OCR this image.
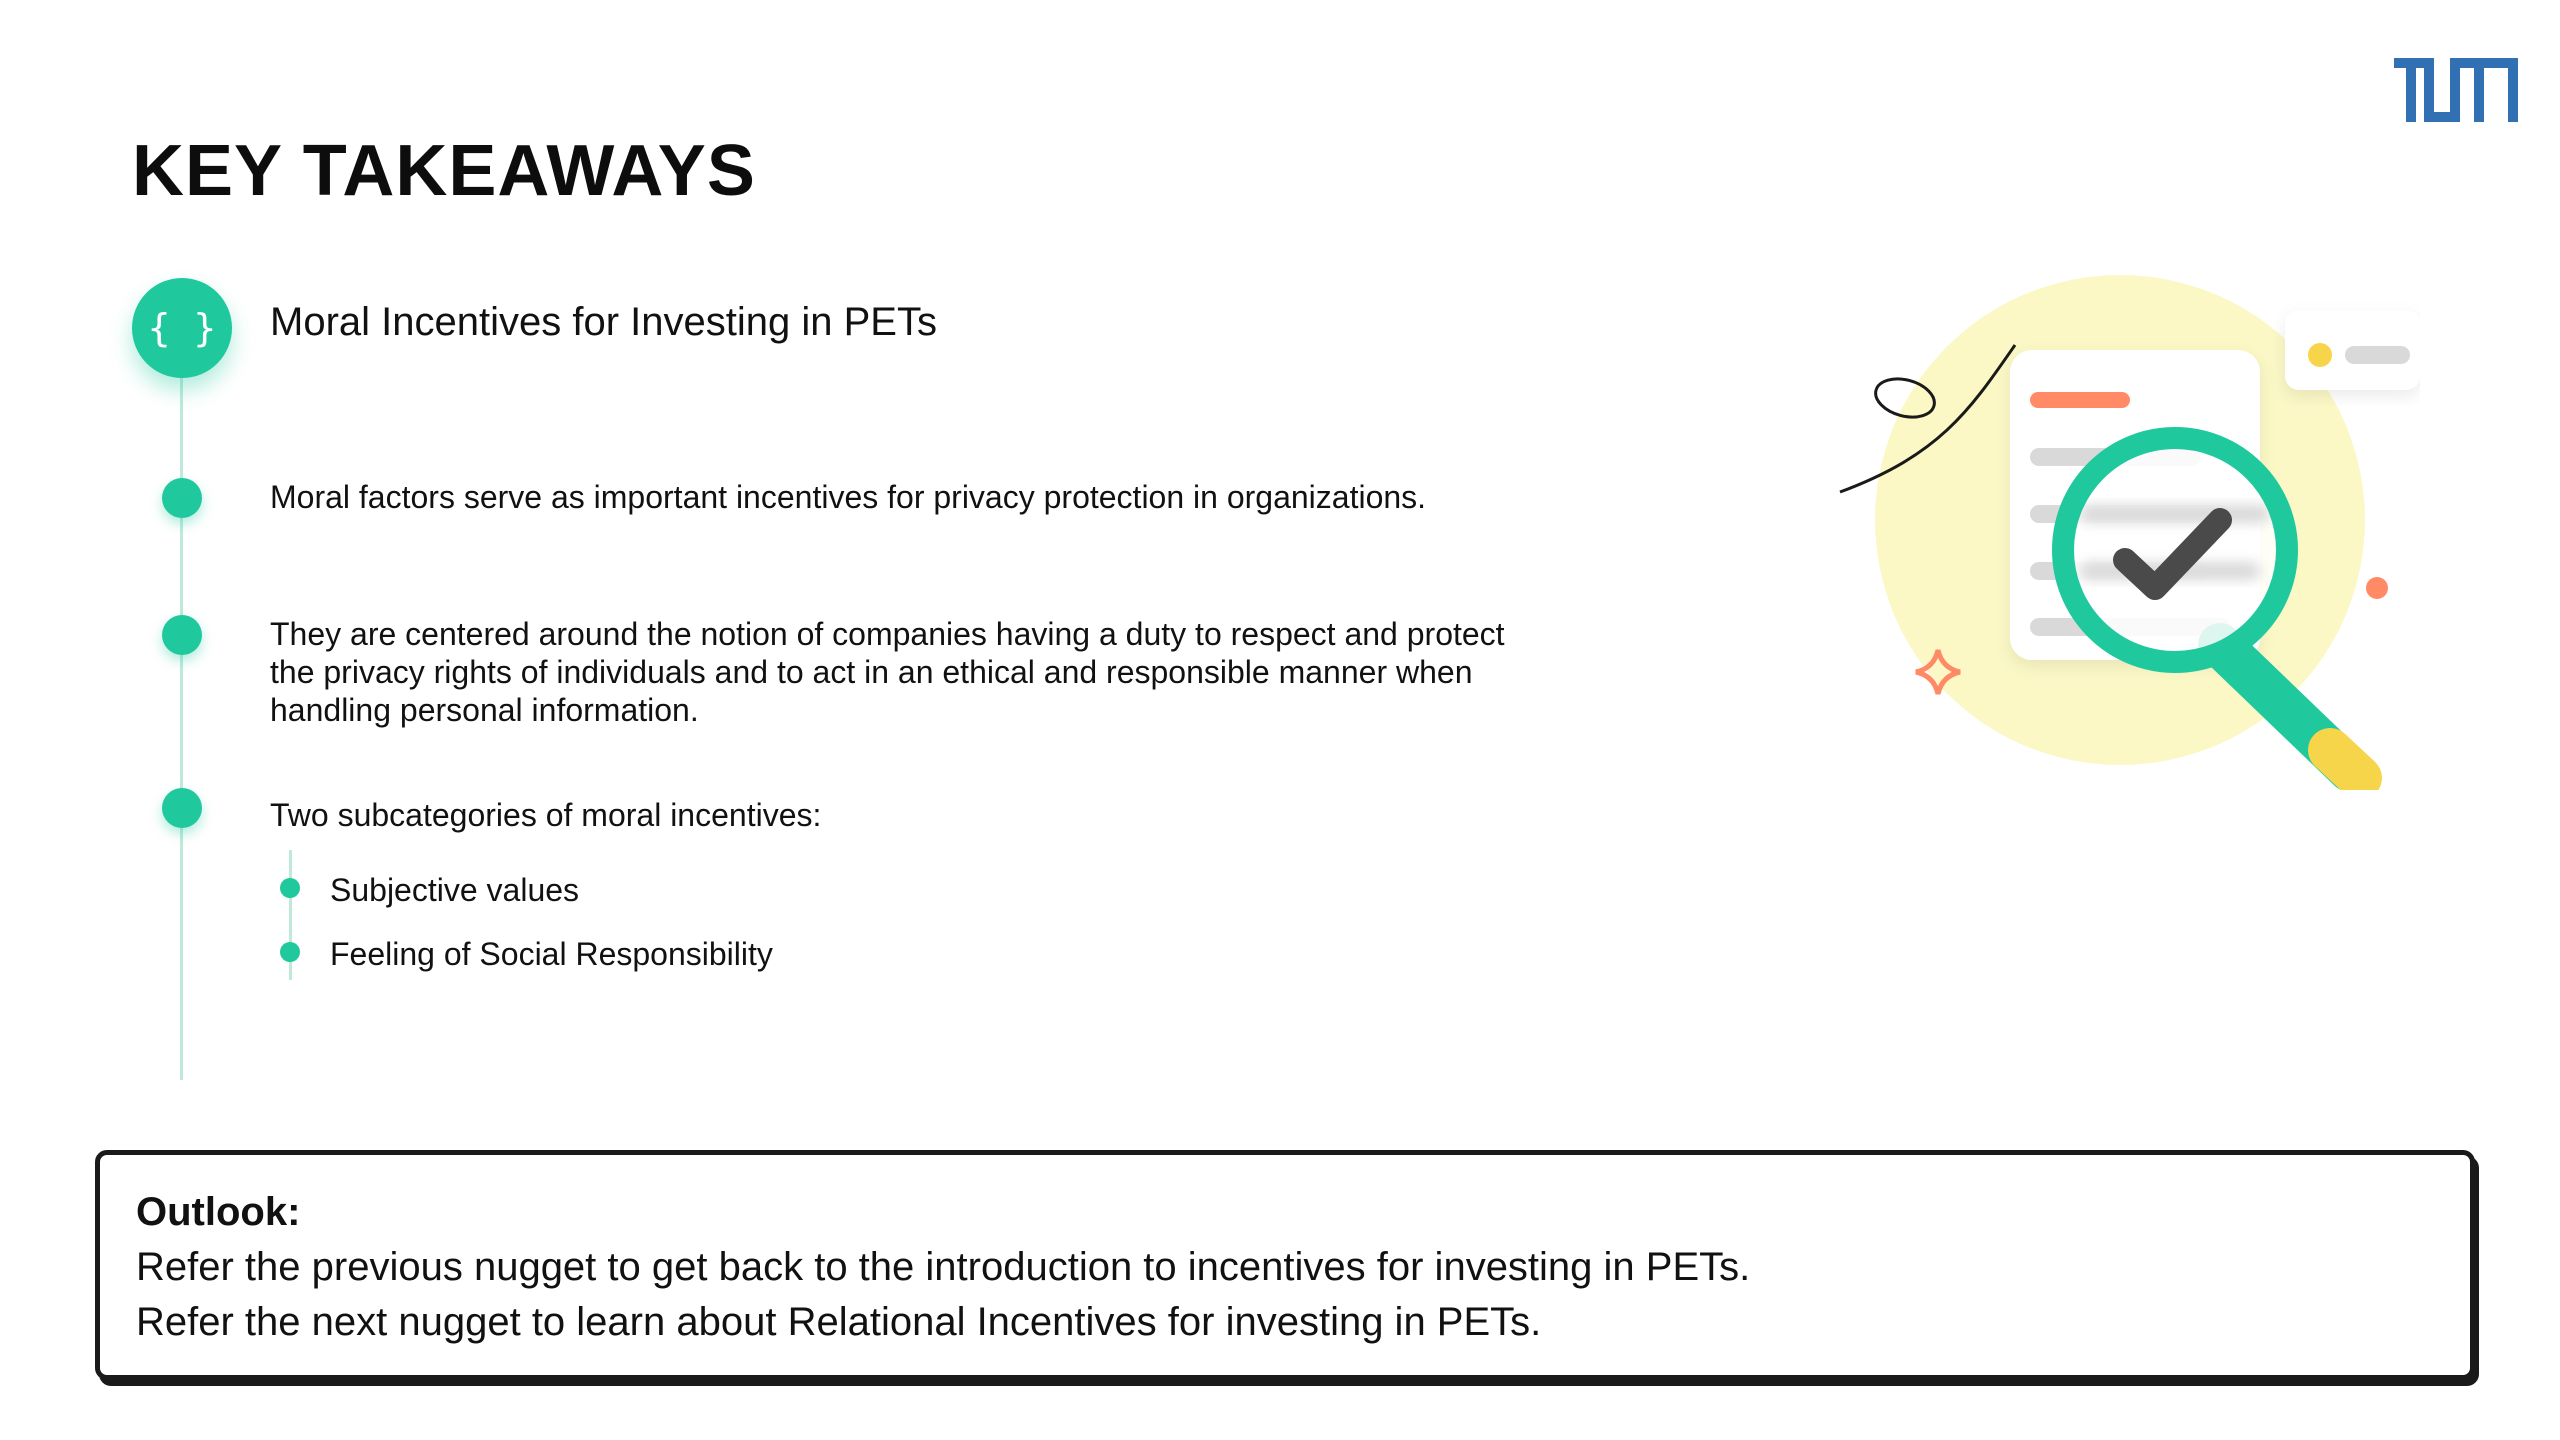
KEY TAKEAWAYS
{ }	Moral Incentives for Investing in PETs
Moral factors serve as important incentives for privacy protection in organizations.
They are centered around the notion of companies having a duty to respect and protect the privacy rights of individuals and to act in an ethical and responsible manner when handling personal information.
Two subcategories of moral incentives:
Subjective values
Feeling of Social Responsibility
Outlook:
Refer the previous nugget to get back to the introduction to incentives for investing in PETs.
Refer the next nugget to learn about Relational Incentives for investing in PETs.
